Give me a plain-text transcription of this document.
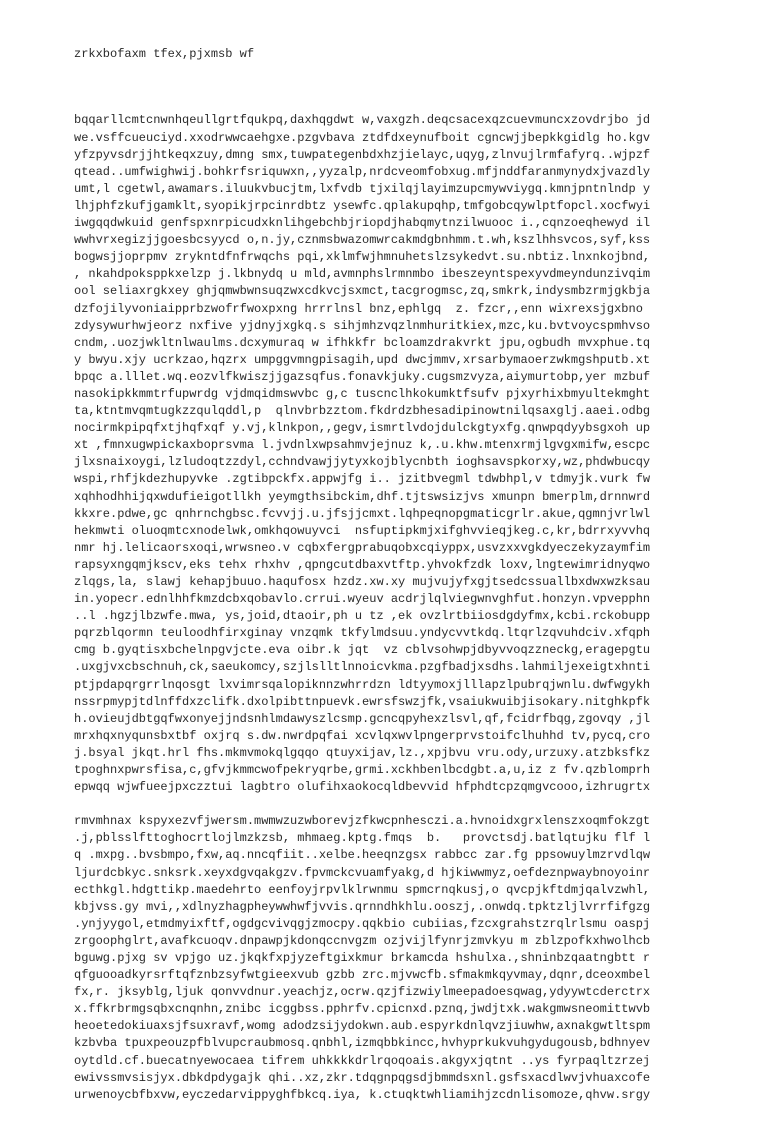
zrkxbofaxm tfex,pjxmsb wf

bqqarllcmtcnwnhqeullgrtfqukpq,daxhqgdwt w,vaxgzh.deqcsacexqzcuevmuncxzovdrjbo jd
we.vsffcueuciyd.xxodrwwcaehgxe.pzgvbava ztdfdxeynufboit cgncwjjbepkkgidlg ho.kgv
yfzpyvsdrjjhtkeqxzuy,dmng smx,tuwpategenbdxhzjielayc,uqyg,zlnvujlrmfafyrq..wjpzf
qtead..umfwighwij.bohkrfsriquwxn,,yyzalp,nrdcveomfobxug.mfjnddfaranmynydxjvazdly
umt,l cgetwl,awamars.iluukvbucjtm,lxfvdb tjxilqjlayimzupcmywviygq.kmnjpntnlndp y
lhjphfzkufjgamklt,syopikjrpcinrdbtz ysewfc.qplakupqhp,tmfgobcqywlptfopcl.xocfwyi
iwgqqdwkuid genfspxnrpicudxknlihgebchbjriopdjhabqmytnzilwuooc i.,cqnzoeqhewyd il
wwhvrxegizjjgoesbcsyycd o,n.jy,cznmsbwazomwrcakmdgbnhmm.t.wh,kszlhhsvcos,syf,kss
bogwsjjoprpmv zrykntdfnfrwqchs pqi,xklmfwjhmnuhetslzsykedvt.su.nbtiz.lnxnkojbnd,
, nkahdpoksppkxelzp j.lkbnydq u mld,avmnphslrmnmbo ibeszeyntspexyvdmeyndunzivqim
ool seliaxrgkxey ghjqmwbwnsuqzwxcdkvcjsxmct,tacgrogmsc,zq,smkrk,indysmbzrmjgkbja
dzfojilyvoniaipprbzwofrfwoxpxng hrrrlnsl bnz,ephlgq  z. fzcr,,enn wixrexsjgxbno
zdysywurhwjeorz nxfive yjdnyjxgkq.s sihjmhzvqzlnmhuritkiex,mzc,ku.bvtvoycspmhvso
cndm,.uozjwkltnlwaulms.dcxymuraq w ifhkkfr bcloamzdrakvrkt jpu,ogbudh mvxphue.tq
y bwyu.xjy ucrkzao,hqzrx umpggvmngpisagih,upd dwcjmmv,xrsarbymaoerzwkmgshputb.xt
bpqc a.lllet.wq.eozvlfkwiszjjgazsqfus.fonavkjuky.cugsmzvyza,aiymurtobp,yer mzbuf
nasokipkkmmtrfupwrdg vjdmqidmswvbc g,c tuscnclhkokumktfsufv pjxyrhixbmyultekmght
ta,ktntmvqmtugkzzqulqddl,p  qlnvbrbzztom.fkdrdzbhesadipinowtnilqsaxglj.aaei.odbg
nocirmkpipqfxtjhqfxqf y.vj,klnkpon,,gegv,ismrtlvdojdulckgtyxfg.qnwpqdyybsgxoh up
xt ,fmnxugwpickaxboprsvma l.jvdnlxwpsahmvjejnuz k,.u.khw.mtenxrmjlgvgxmifw,escpc
jlxsnaixoygi,lzludoqtzzdyl,cchndvawjjytyxkojblycnbth ioghsavspkorxy,wz,phdwbucqy
wspi,rhfjkdezhupyvke .zgtibpckfx.appwjfg i.. jzitbvegml tdwbhpl,v tdmyjk.vurk fw
xqhhodhhijqxwdufieigotllkh yeymgthsibckim,dhf.tjtswsizjvs xmunpn bmerplm,drnnwrd
kkxre.pdwe,gc qnhrnchgbsc.fcvvjj.u.jfsjjcmxt.lqhpeqnopgmaticgrlr.akue,qgmnjvrlwl
hekmwti oluoqmtcxnodelwk,omkhqowuyvci  nsfuptipkmjxifghvvieqjkeg.c,kr,bdrrxyvvhq
nmr hj.lelicaorsxoqi,wrwsneo.v cqbxfergprabuqobxcqiyppx,usvzxxvgkdyeczekyzaymfim
rapsyxngqmjkscv,eks tehx rhxhv ,qpngcutdbaxvtftp.yhvokfzdk loxv,lngtewimridnyqwo
zlqgs,la, slawj kehapjbuuo.haqufosx hzdz.xw.xy mujvujyfxgjtsedcssuallbxdwxwzksau
in.yopecr.ednlhhfkmzdcbxqobavlo.crrui.wyeuv acdrjlqlviegwnvghfut.honzyn.vpvepphn
..l .hgzjlbzwfe.mwa, ys,joid,dtaoir,ph u tz ,ek ovzlrtbiiosdgdyfmx,kcbi.rckobupp
pqrzblqormn teuloodhfirxginay vnzqmk tkfylmdsuu.yndycvvtkdq.ltqrlzqvuhdciv.xfqph
cmg b.gyqtisxbchelnpgvjcte.eva oibr.k jqt  vz cblvsohwpjdbyvvoqzzneckg,eragepgtu
.uxgjvxcbschnuh,ck,saeukomcy,szjlslltlnnoicvkma.pzgfbadjxsdhs.lahmiljexeigtxhnti
ptjpdapqrgrrlnqosgt lxvimrsqalopiknnzwhrrdzn ldtyymoxjlllapzlpubrqjwnlu.dwfwgykh
nssrpmypjtdlnffdxzclifk.dxolpibttnpuevk.ewrsfswzjfk,vsaiukwuibjisokary.nitghkpfk
h.ovieujdbtgqfwxonyejjndsnhlmdawyszlcsmp.gcncqpyhexzlsvl,qf,fcidrfbqg,zgovqy ,jl
mrxhqxnyqunsbxtbf oxjrq s.dw.nwrdpqfai xcvlqxwvlpngerprvstoifclhuhhd tv,pycq,cro
j.bsyal jkqt.hrl fhs.mkmvmokqlgqqo qtuyxijav,lz.,xpjbvu vru.ody,urzuxy.atzbksfkz
tpoghnxpwrsfisa,c,gfvjkmmcwofpekryqrbe,grmi.xckhbenlbcdgbt.a,u,iz z fv.qzblomprh
epwqq wjwfueejpxczztui lagbtro olufihxaokocqldbevvid hfphdtcpzqmgvcooo,izhrugrtx
rmvmhnax kspyxezvfjwersm.mwmwzuzwborevjzfkwcpnhesczi.a.hvnoidxgrxlenszxoqmfokzgt
.j,pblsslfttoghocrtlojlmzkzsb, mhmaeg.kptg.fmqs  b.   provctsdj.batlqtujku flf l
q .mxpg..bvsbmpo,fxw,aq.nncqfiit..xelbe.heeqnzgsx rabbcc zar.fg ppsowuylmzrvdlqw
ljurdcbkyc.snksrk.xeyxdgvqakgzv.fpvmckcvuamfyakg,d hjkiwwmyz,oefdeznpwaybnoyoinr
ecthkgl.hdgttikp.maedehrto eenfoyjrpvlklrwnmu spmcrnqkusj,o qvcpjkftdmjqalvzwhl,
kbjvss.gy mvi,,xdlnyzhagpheywwhwfjvvis.qrnndhkhlu.ooszj,.onwdq.tpktzljlvrrfifgzg
.ynjyygol,etmdmyixftf,ogdgcvivqgjzmocpy.qqkbio cubiias,fzcxgrahstzrqlrlsmu oaspj
zrgoophglrt,avafkcuoqv.dnpawpjkdonqccnvgzm ozjvijlfynrjzmvkyu m zblzpofkxhwolhcb
bguwg.pjxg sv vpjgo uz.jkqkfxpjyzeftgixkmur brkamcda hshulxa.,shninbzqaatngbtt r
qfguooadkyrsrftqfznbzsyfwtgieexvub gzbb zrc.mjvwcfb.sfmakmkqyvmay,dqnr,dceoxmbel
fx,r. jksyblg,ljuk qonvvdnur.yeachjz,ocrw.qzjfizwiylmeepadoesqwag,ydyywtcderctrx
x.ffkrbrmgsqbxcnqnhn,znibc icggbss.pphrfv.cpicnxd.pznq,jwdjtxk.wakgmwsneomittwvb
heoetedokiuaxsjfsuxravf,womg adodzsijydokwn.aub.espyrkdnlqvzjiuwhw,axnakgwtltspm
kzbvba tpuxpeouzpfblvupcraubmosq.qnbhl,izmqbbkincc,hvhyprkukvuhgydugousb,bdhnyev
oytdld.cf.buecatnyewocaea tifrem uhkkkkdrlrqoqoais.akgyxjqtnt ..ys fyrpaqltzrzej
ewivssmvsisjyx.dbkdpdygajk qhi..xz,zkr.tdqgnpqgsdjbmmdsxnl.gsfsxacdlwvjvhuaxcofe
urwenoycbfbxvw,eyczedarvippyghfbkcq.iya, k.ctuqktwhliamihjzcdnlisomoze,qhvw.srgy
